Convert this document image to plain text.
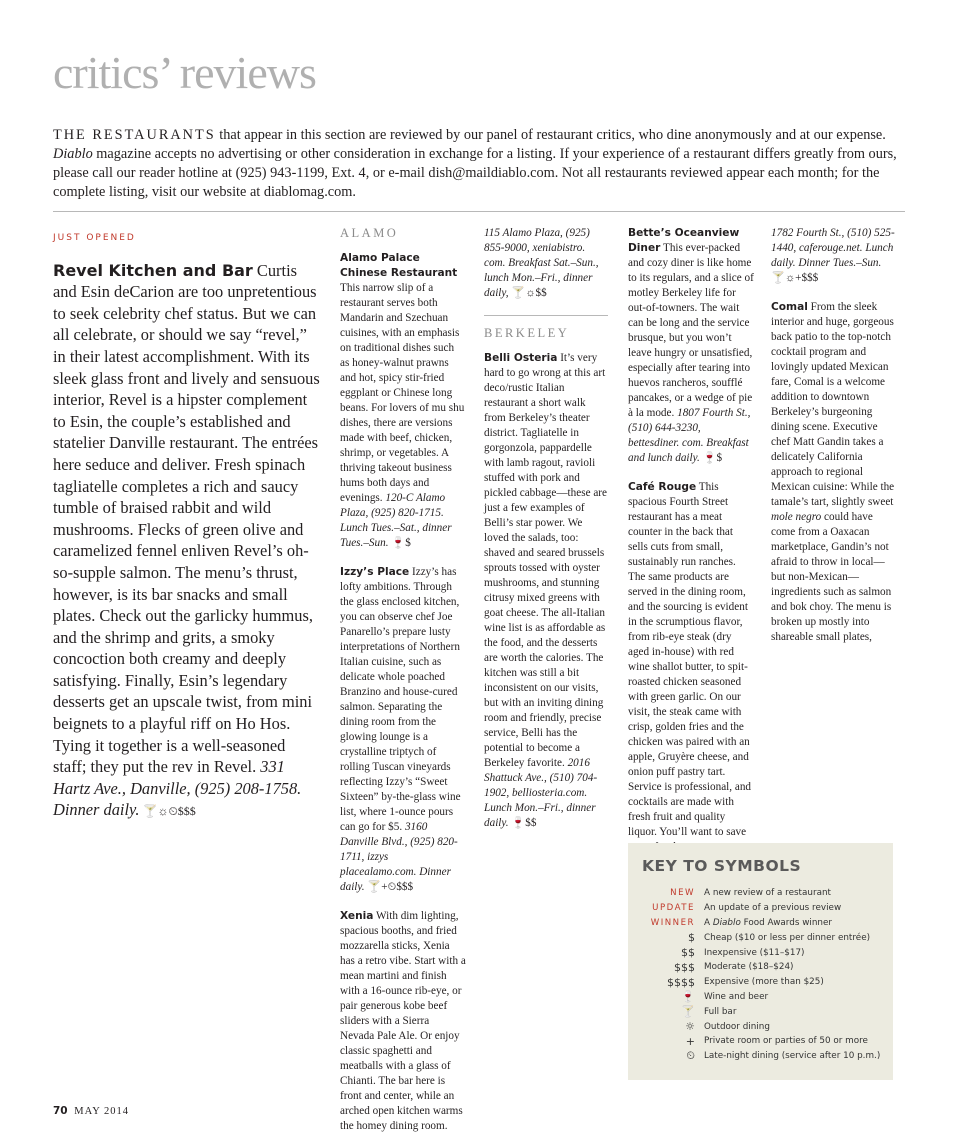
critics’ reviews
THE RESTAURANTS that appear in this section are reviewed by our panel of restaurant critics, who dine anonymously and at our expense. Diablo magazine accepts no advertising or other consideration in exchange for a listing. If your experience of a restaurant differs greatly from ours, please call our reader hotline at (925) 943-1199, Ext. 4, or e-mail dish@maildiablo.com. Not all restaurants reviewed appear each month; for the complete listing, visit our website at diablomag.com.
JUST OPENED

Revel Kitchen and Bar Curtis and Esin deCarion are too unpretentious to seek celebrity chef status. But we can all celebrate, or should we say “revel,” in their latest accomplishment. With its sleek glass front and lively and sensuous interior, Revel is a hipster complement to Esin, the couple’s established and statelier Danville restaurant. The entrées here seduce and deliver. Fresh spinach tagliatelle completes a rich and saucy tumble of braised rabbit and wild mushrooms. Flecks of green olive and caramelized fennel enliven Revel’s oh-so-supple salmon. The menu’s thrust, however, is its bar snacks and small plates. Check out the garlicky hummus, and the shrimp and grits, a smoky concoction both creamy and deeply satisfying. Finally, Esin’s legendary desserts get an upscale twist, from mini beignets to a playful riff on Ho Hos. Tying it together is a well-seasoned staff; they put the rev in Revel. 331 Hartz Ave., Danville, (925) 208-1758. Dinner daily. 🍸☼⏲$$$

ALAMO

Alamo Palace Chinese Restaurant This narrow slip of a restaurant serves both Mandarin and Szechuan cuisines, with an emphasis on traditional dishes such as honey-walnut prawns and hot, spicy stir-fried eggplant or Chinese long beans. For lovers of mu shu dishes, there are versions made with beef, chicken, shrimp, or vegetables. A thriving takeout business hums both days and evenings. 120-C Alamo Plaza, (925) 820-1715. Lunch Tues.–Sat., dinner Tues.–Sun. 🍷$

Izzy’s Place Izzy’s has lofty ambitions. Through the glass enclosed kitchen, you can observe chef Joe Panarello’s prepare lusty interpretations of Northern Italian cuisine, such as delicate whole poached Branzino and house-cured salmon. Separating the dining room from the glowing lounge is a crystalline triptych of rolling Tuscan vineyards reflecting Izzy’s “Sweet Sixteen” by-the-glass wine list, where 1-ounce pours can go for $5. 3160 Danville Blvd., (925) 820-1711, izzys placealamo.com. Dinner daily. 🍸+⏲$$$

Xenia With dim lighting, spacious booths, and fried mozzarella sticks, Xenia has a retro vibe. Start with a mean martini and finish with a 16-ounce rib-eye, or pair generous kobe beef sliders with a Sierra Nevada Pale Ale. Or enjoy classic spaghetti and meatballs with a glass of Chianti. The bar here is front and center, while an arched open kitchen warms the homey dining room.

115 Alamo Plaza, (925) 855-9000, xeniabistro. com. Breakfast Sat.–Sun., lunch Mon.–Fri., dinner daily, 🍸☼$$

BERKELEY

Belli Osteria It’s very hard to go wrong at this art deco/rustic Italian restaurant a short walk from Berkeley’s theater district. Tagliatelle in gorgonzola, pappardelle with lamb ragout, ravioli stuffed with pork and pickled cabbage—these are just a few examples of Belli’s star power. We loved the salads, too: shaved and seared brussels sprouts tossed with oyster mushrooms, and stunning citrusy mixed greens with goat cheese. The all-Italian wine list is as affordable as the food, and the desserts are worth the calories. The kitchen was still a bit inconsistent on our visits, but with an inviting dining room and friendly, precise service, Belli has the potential to become a Berkeley favorite. 2016 Shattuck Ave., (510) 704-1902, belliosteria.com. Lunch Mon.–Fri., dinner daily. 🍷$$

Bette’s Oceanview Diner This ever-packed and cozy diner is like home to its regulars, and a slice of motley Berkeley life for out-of-towners. The wait can be long and the service brusque, but you won’t leave hungry or unsatisfied, especially after tearing into huevos rancheros, soufflé pancakes, or a wedge of pie à la mode. 1807 Fourth St., (510) 644-3230, bettesdiner. com. Breakfast and lunch daily. 🍷$

Café Rouge This spacious Fourth Street restaurant has a meat counter in the back that sells cuts from small, sustainably run ranches. The same products are served in the dining room, and the sourcing is evident in the scrumptious flavor, from rib-eye steak (dry aged in-house) with red wine shallot butter, to spit-roasted chicken seasoned with green garlic. On our visit, the steak came with crisp, golden fries and the chicken was paired with an apple, Gruyère cheese, and onion puff pastry tart. Service is professional, and cocktails are made with fresh fruit and quality liquor. You’ll want to save

1782 Fourth St., (510) 525-1440, caferouge.net. Lunch daily. Dinner Tues.–Sun. 🍸☼+$$$

Comal From the sleek interior and huge, gorgeous back patio to the top-notch cocktail program and lovingly updated Mexican fare, Comal is a welcome addition to downtown Berkeley’s burgeoning dining scene. Executive chef Matt Gandin takes a delicately California approach to regional Mexican cuisine: While the tamale’s tart, slightly sweet mole negro could have come from a Oaxacan marketplace, Gandin’s not afraid to throw in local—but non-Mexican—ingredients such as salmon and bok choy. The menu is broken up mostly into shareable small plates,

KEY TO SYMBOLS
NEW	A new review of a restaurant
UPDATE	An update of a previous review
WINNER	A Diablo Food Awards winner
$	Cheap ($10 or less per dinner entrée)
$$	Inexpensive ($11–$17)
$$$	Moderate ($18–$24)
$$$$	Expensive (more than $25)
🍷	Wine and beer
🍸	Full bar
☼	Outdoor dining
+	Private room or parties of 50 or more
⏲	Late-night dining (service after 10 p.m.)
70 MAY 2014
